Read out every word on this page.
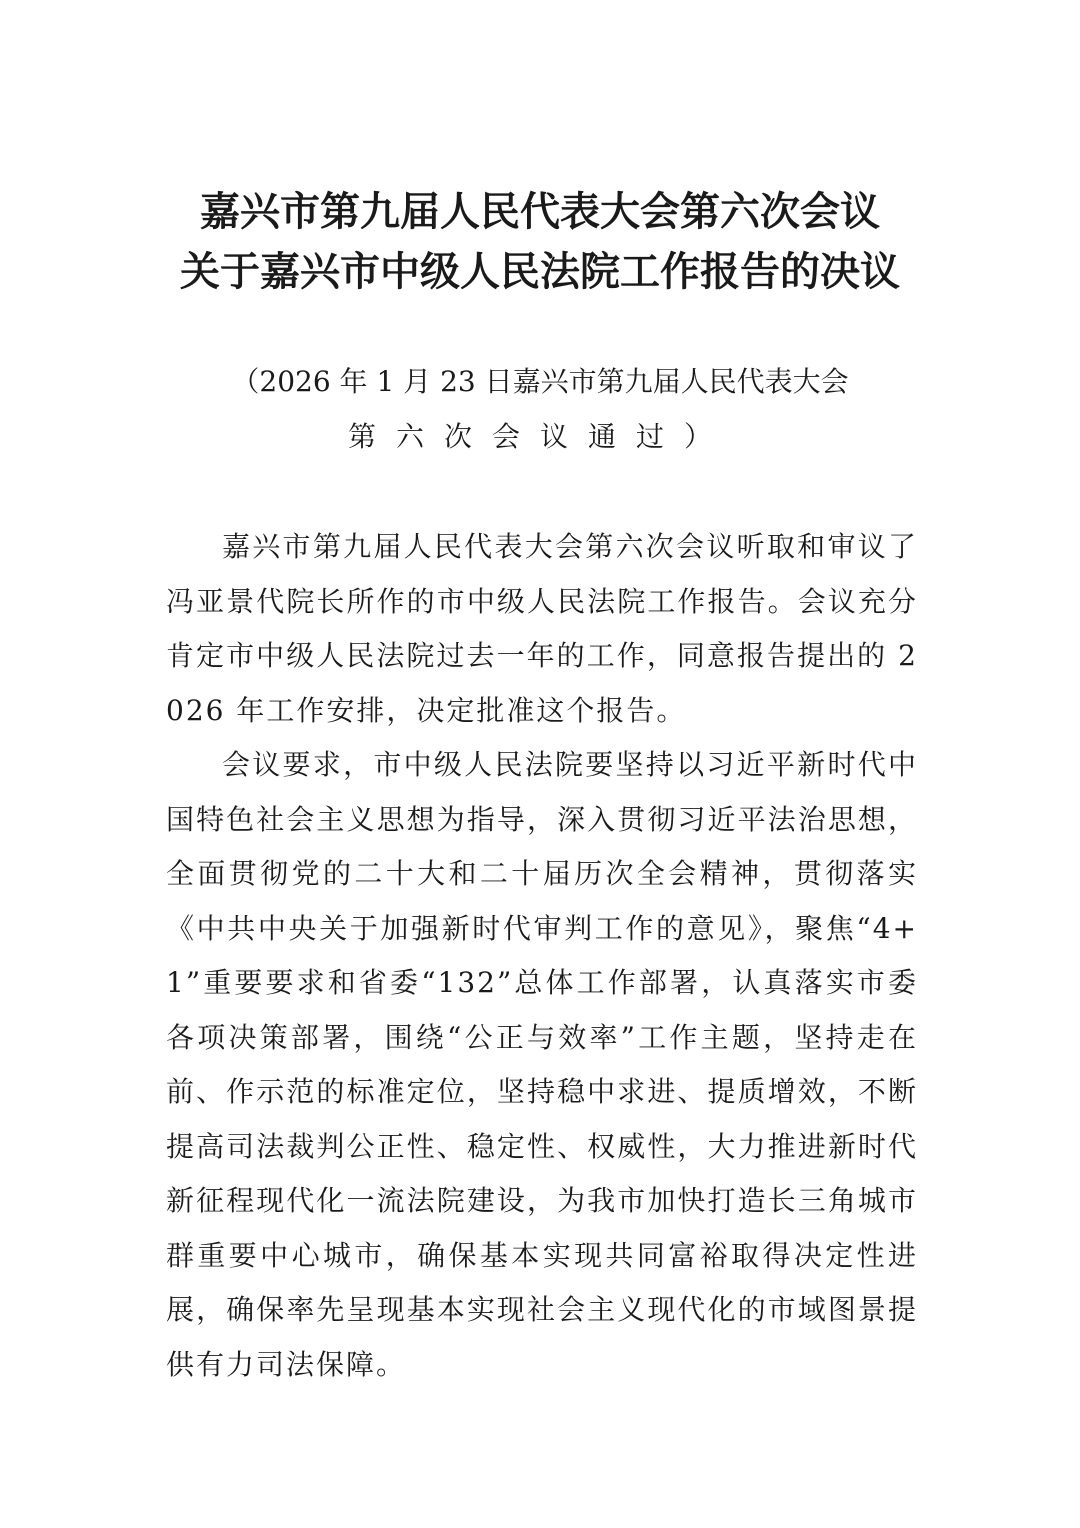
嘉兴市第九届人民代表大会第六次会议
关于嘉兴市中级人民法院工作报告的决议
（2026 年 1 月 23 日嘉兴市第九届人民代表大会
第六次会议通过）

嘉兴市第九届人民代表大会第六次会议听取和审议了冯亚景代院长所作的市中级人民法院工作报告。会议充分肯定市中级人民法院过去一年的工作，同意报告提出的 2026 年工作安排，决定批准这个报告。

会议要求，市中级人民法院要坚持以习近平新时代中国特色社会主义思想为指导，深入贯彻习近平法治思想，全面贯彻党的二十大和二十届历次全会精神，贯彻落实《中共中央关于加强新时代审判工作的意见》，聚焦“4+1”重要要求和省委“132”总体工作部署，认真落实市委各项决策部署，围绕“公正与效率”工作主题，坚持走在前、作示范的标准定位，坚持稳中求进、提质增效，不断提高司法裁判公正性、稳定性、权威性，大力推进新时代新征程现代化一流法院建设，为我市加快打造长三角城市群重要中心城市，确保基本实现共同富裕取得决定性进展，确保率先呈现基本实现社会主义现代化的市域图景提供有力司法保障。
